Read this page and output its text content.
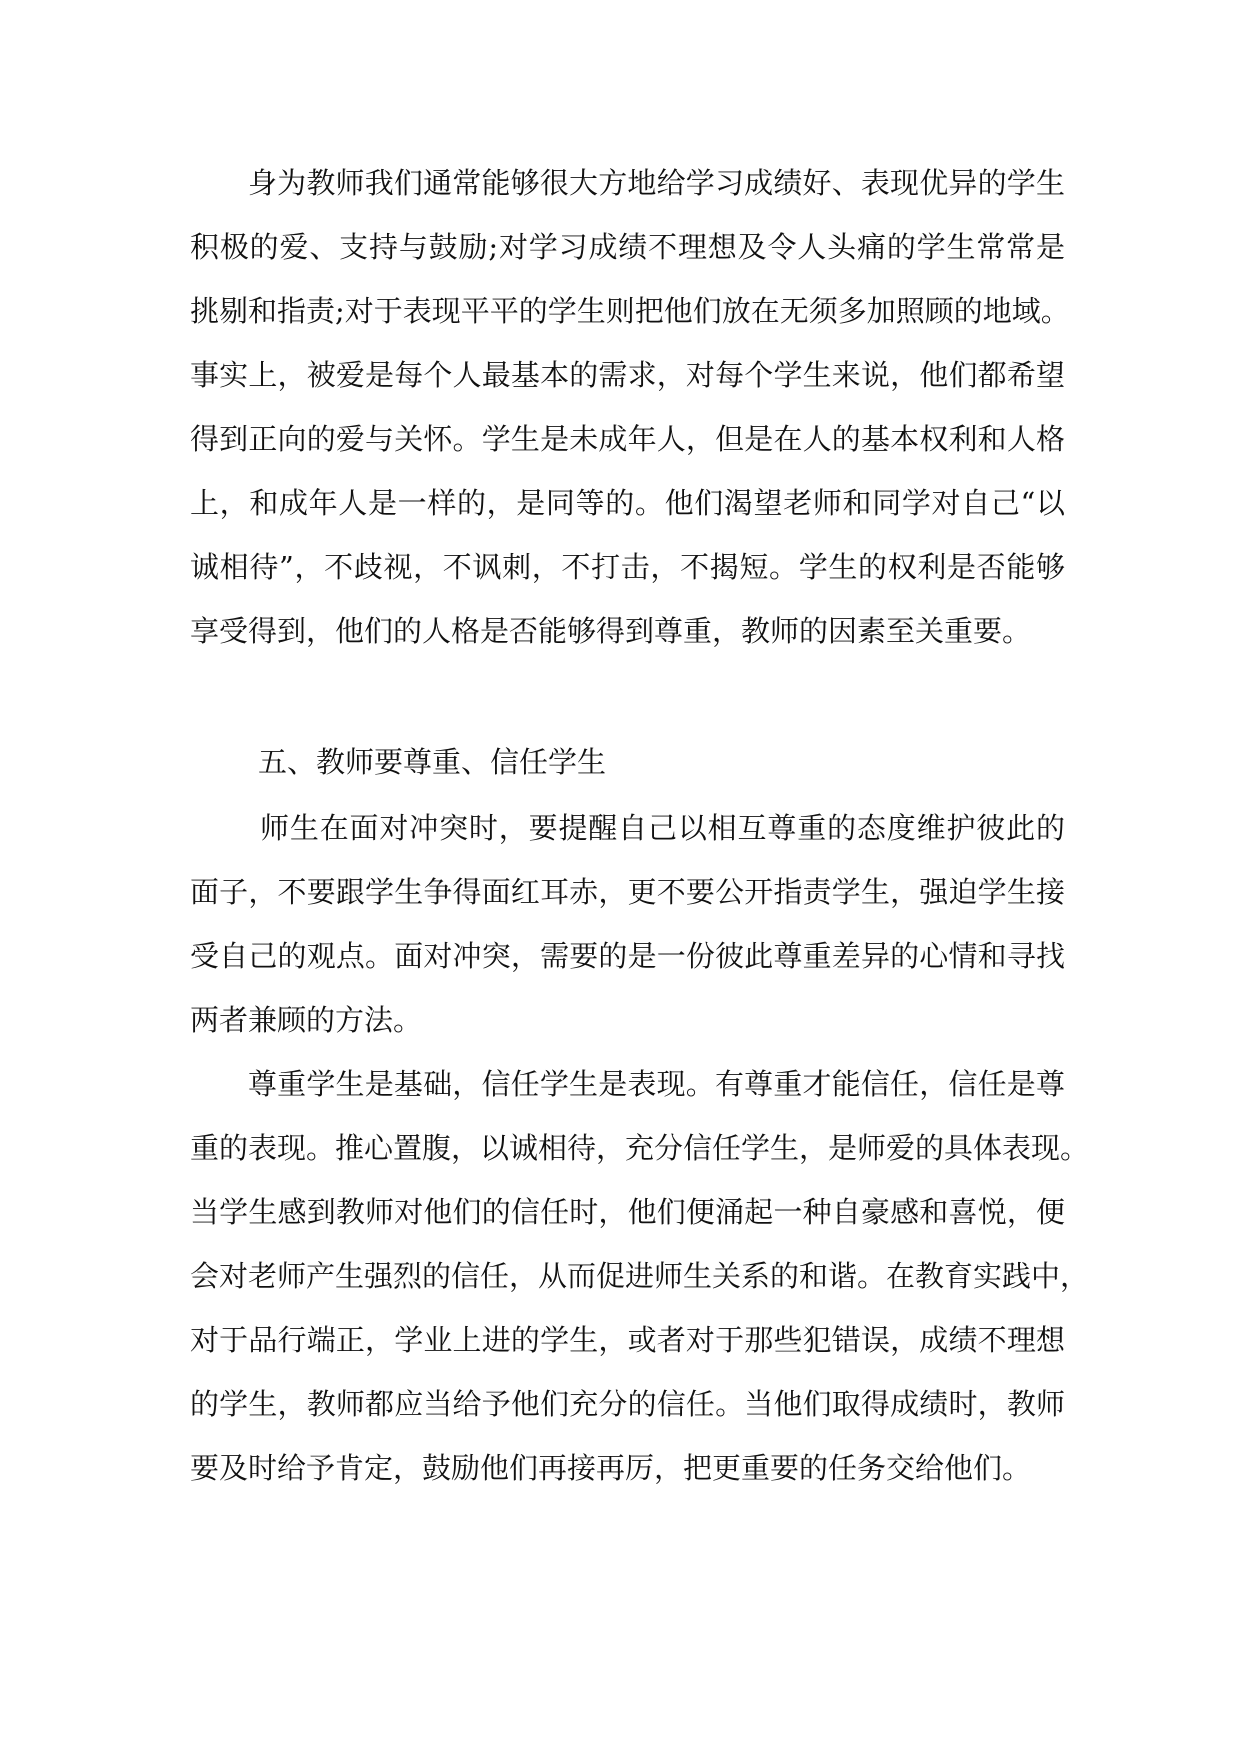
身为教师我们通常能够很大方地给学习成绩好、表现优异的学生
积极的爱、支持与鼓励;对学习成绩不理想及令人头痛的学生常常是
挑剔和指责;对于表现平平的学生则把他们放在无须多加照顾的地域。
事实上，被爱是每个人最基本的需求，对每个学生来说，他们都希望
得到正向的爱与关怀。学生是未成年人，但是在人的基本权利和人格
上，和成年人是一样的，是同等的。他们渴望老师和同学对自己“以
诚相待”，不歧视，不讽刺，不打击，不揭短。学生的权利是否能够
享受得到，他们的人格是否能够得到尊重，教师的因素至关重要。
五、教师要尊重、信任学生
师生在面对冲突时，要提醒自己以相互尊重的态度维护彼此的
面子，不要跟学生争得面红耳赤，更不要公开指责学生，强迫学生接
受自己的观点。面对冲突，需要的是一份彼此尊重差异的心情和寻找
两者兼顾的方法。
尊重学生是基础，信任学生是表现。有尊重才能信任，信任是尊
重的表现。推心置腹，以诚相待，充分信任学生，是师爱的具体表现。
当学生感到教师对他们的信任时，他们便涌起一种自豪感和喜悦，便
会对老师产生强烈的信任，从而促进师生关系的和谐。在教育实践中，
对于品行端正，学业上进的学生，或者对于那些犯错误，成绩不理想
的学生，教师都应当给予他们充分的信任。当他们取得成绩时，教师
要及时给予肯定，鼓励他们再接再厉，把更重要的任务交给他们。
